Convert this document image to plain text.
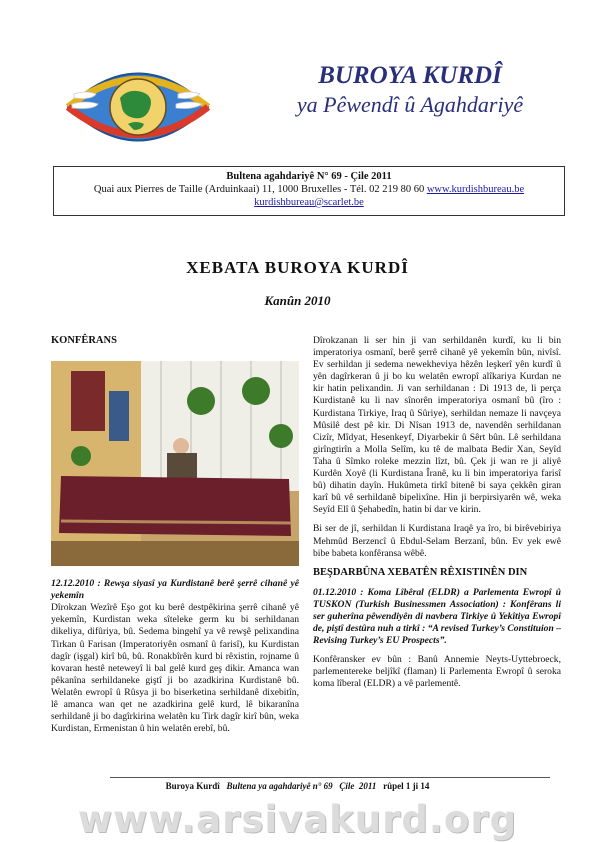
BUROYA KURDÎ
ya Pêwendî û Agahdariyê
Bultena agahdariyê N° 69 - Çile 2011
Quai aux Pierres de Taille (Arduinkaai) 11, 1000 Bruxelles - Tél. 02 219 80 60 www.kurdishbureau.be
kurdishbureau@scarlet.be
XEBATA BUROYA KURDÎ
Kanûn 2010
KONFÊRANS
12.12.2010 : Rewşa siyasî ya Kurdistanê berê şerrê cihanê yê yekemîn
Dîrokzan Wezîrê Eşo got ku berê destpêkirina şerrê cihanê yê yekemîn, Kurdistan weka sîteleke germ ku bi serhildanan dikeliya, difûriya, bû. Sedema bingehî ya vê rewşê pelixandina Tirkan û Farisan (Imperatoriyên osmanî û farisî), ku Kurdistan dagîr (işgal) kirî bû, bû. Ronakbîrên kurd bi rêxistin, rojname û kovaran hestê neteweyî li bal gelê kurd geş dikir. Amanca wan pêkanîna serhildaneke giştî ji bo azadkirina Kurdistanê bû. Welatên ewropî û Rûsya ji bo biserketina serhildanê dixebitîn, lê amanca wan qet ne azadkirina gelê kurd, lê bikaranîna serhildanê ji bo dagîrkirina welatên ku Tirk dagîr kirî bûn, weka Kurdistan, Ermenistan û hin welatên erebî, bû.

Dîrokzanan li ser hin ji van serhildanên kurdî, ku li bin imperatoriya osmanî, berê şerrê cihanê yê yekemîn bûn, nivîsî. Ev serhildan ji sedema newekheviya hêzên leşkerî yên kurdî û yên dagîrkeran û ji bo ku welatên ewropî alîkariya Kurdan ne kir hatin pelixandin. Ji van serhildanan : Di 1913 de, li perça Kurdistanê ku li nav sînorên imperatoriya osmanî bû (îro : Kurdistana Tirkiye, Iraq û Sûriye), serhildan nemaze li navçeya Mûsilê dest pê kir. Di Nîsan 1913 de, navendên serhildanan Cizîr, Mîdyat, Hesenkeyf, Diyarbekir û Sêrt bûn. Lê serhildana girîngtirîn a Molla Selîm, ku tê de malbata Bedir Xan, Seyîd Taha û Sîmko roleke mezzin lîzt, bû. Çek ji wan re ji aliyê Kurdên Xoyê (li Kurdistana Îranê, ku li bin imperatoriya farisî bû) dihatin dayîn. Hukûmeta tirkî bitenê bi saya çekkên giran karî bû vê serhildanê bipelixîne. Hin ji berpirsiyarên wê, weka Seyîd Elî û Şehabedîn, hatin bi dar ve kirin.

Bi ser de jî, serhildan li Kurdistana Iraqê ya îro, bi birêvebiriya Mehmûd Berzencî û Ebdul-Selam Berzanî, bûn. Ev yek ewê bibe babeta konfêransa wêbê.

BEŞDARBÛNA XEBATÊN RÊXISTINÊN DIN

01.12.2010 : Koma Lîbêral (ELDR) a Parlementa Ewropî û TUSKON (Turkish Businessmen Association) : Konfêrans li ser guherîna pêwendiyên di navbera Tirkiye û Yekîtiya Ewropî de, piştî destûra nuh a tirkî : “A revised Turkey’s Constituion – Revising Turkey’s EU Prospects”.

Konfêransker ev bûn : Banû Annemie Neyts-Uyttebroeck, parlementereke beljîkî (flaman) li Parlementa Ewropî û seroka koma lîberal (ELDR) a vê parlementê.

Buroya Kurdî Bultena ya agahdariyê n° 69 Çile 2011 rûpel 1 ji 14
www.arsivakurd.org
